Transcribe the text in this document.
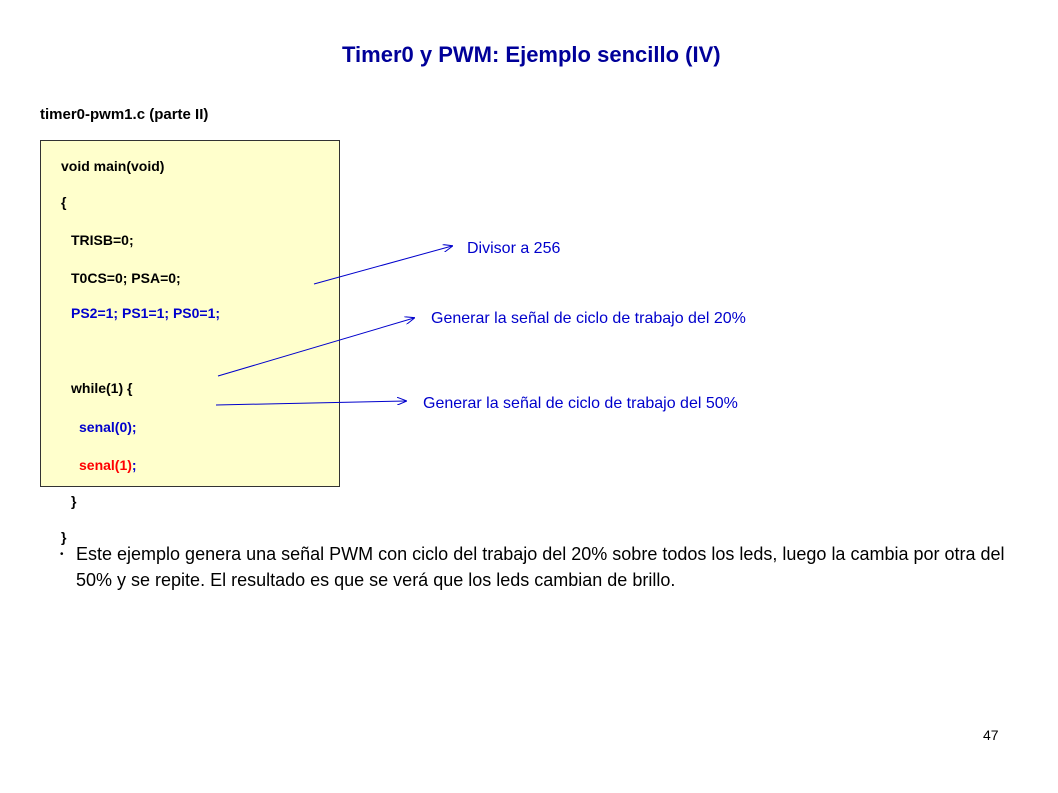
Timer0 y PWM: Ejemplo sencillo (IV)
timer0-pwm1.c (parte II)
void main(void)
{
TRISB=0;
T0CS=0; PSA=0;
PS2=1; PS1=1; PS0=1;
while(1) {
senal(0);
senal(1);
}
}
Divisor a 256
Generar la señal de ciclo de trabajo del 20%
Generar la señal de ciclo de trabajo del 50%
• Este ejemplo genera una señal PWM con ciclo del trabajo del 20% sobre todos los leds, luego la cambia por otra del 50% y se repite. El resultado es que se verá que los leds cambian de brillo.
47
